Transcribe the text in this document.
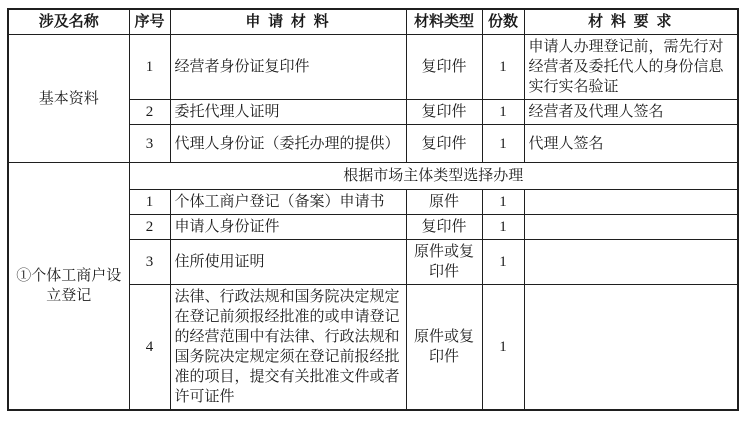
涉及名称	序号	申 请 材 料	材料类型	份数	材 料 要 求
基本资料	1	经营者身份证复印件	复印件	1	申请人办理登记前，需先行对经营者及委托代人的身份信息实行实名验证
	2	委托代理人证明	复印件	1	经营者及代理人签名
	3	代理人身份证（委托办理的提供）	复印件	1	代理人签名
①个体工商户设立登记	根据市场主体类型选择办理				
	1	个体工商户登记（备案）申请书	原件	1	
	2	申请人身份证件	复印件	1	
	3	住所使用证明	原件或复印件	1	
	4	法律、行政法规和国务院决定规定在登记前须报经批准的或申请登记的经营范围中有法律、行政法规和国务院决定规定须在登记前报经批准的项目，提交有关批准文件或者许可证件	原件或复印件	1	
